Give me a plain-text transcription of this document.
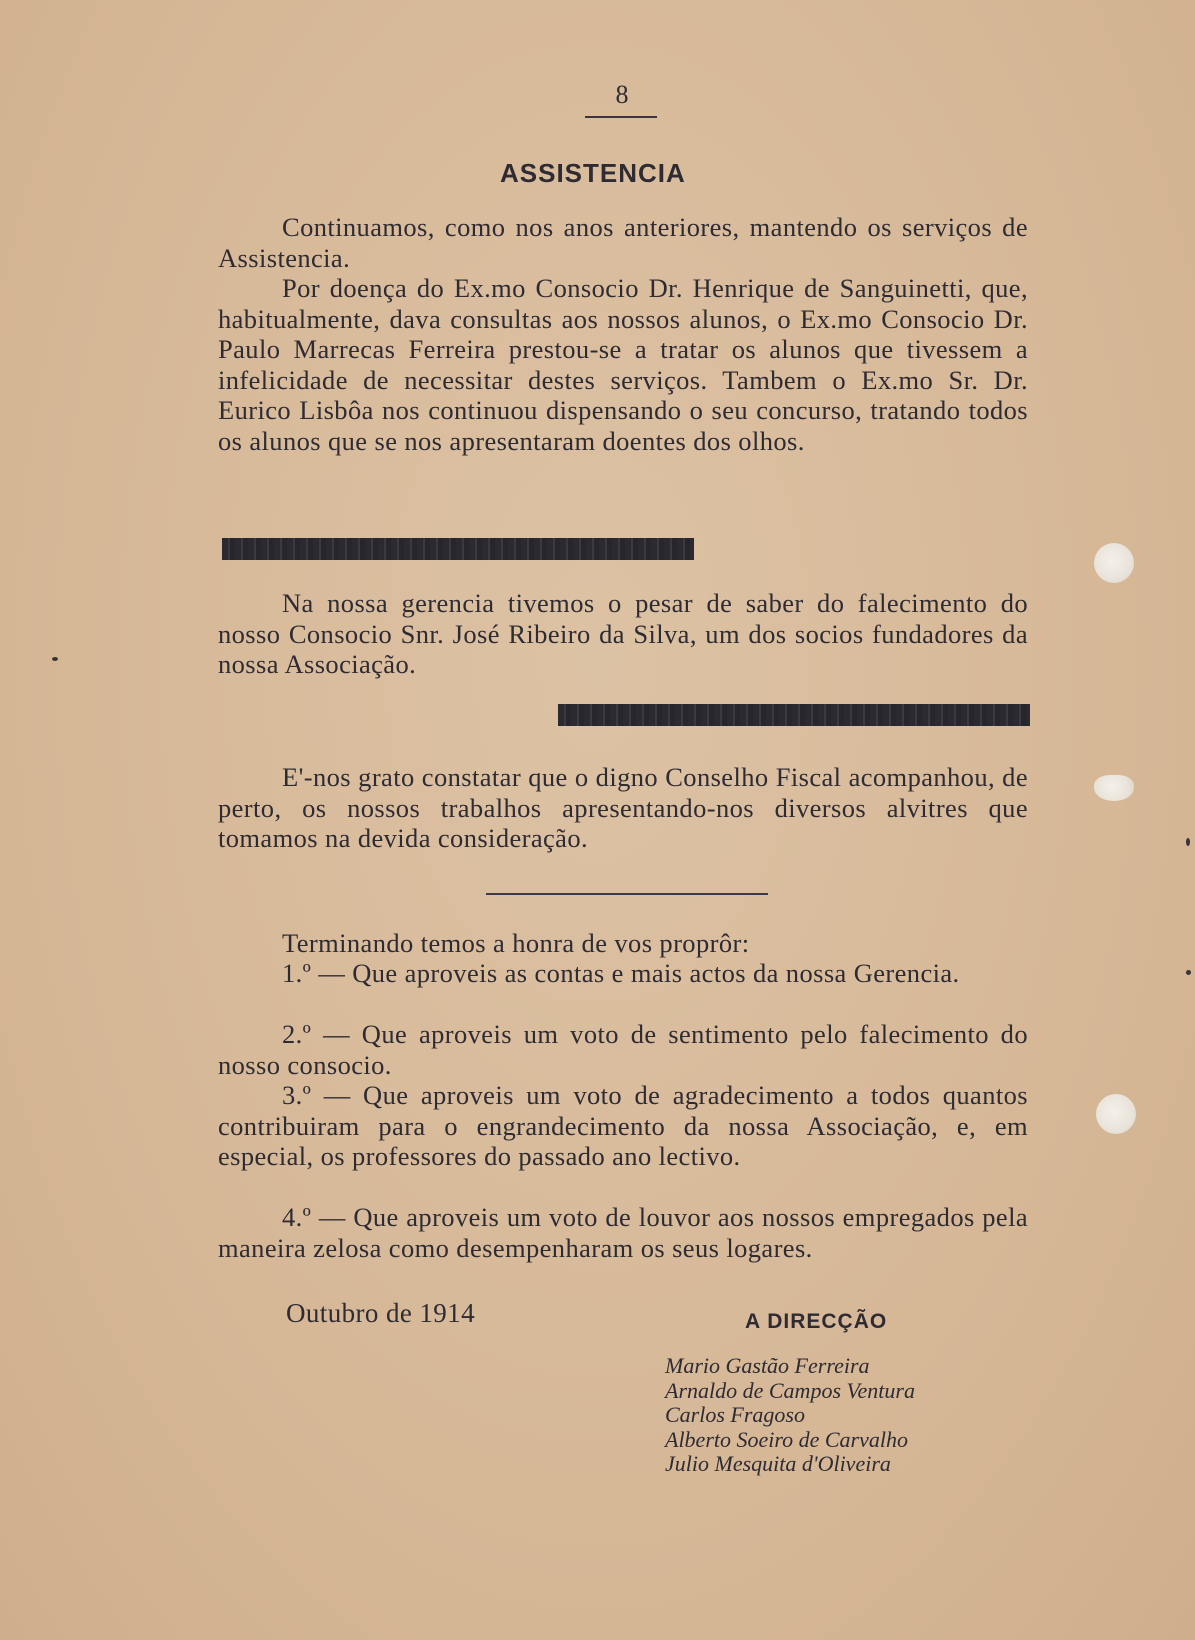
8
ASSISTENCIA

Continuamos, como nos anos anteriores, mantendo os serviços de Assistencia.

Por doença do Ex.mo Consocio Dr. Henrique de Sanguinetti, que, habitualmente, dava consultas aos nossos alunos, o Ex.mo Consocio Dr. Paulo Marrecas Ferreira prestou-se a tratar os alunos que tivessem a infelicidade de necessitar destes serviços. Tambem o Ex.mo Sr. Dr. Eurico Lisbôa nos continuou dispensando o seu concurso, tratando todos os alunos que se nos apresentaram doentes dos olhos.

Na nossa gerencia tivemos o pesar de saber do falecimento do nosso Consocio Snr. José Ribeiro da Silva, um dos socios fundadores da nossa Associação.

E'-nos grato constatar que o digno Conselho Fiscal acompanhou, de perto, os nossos trabalhos apresentando-nos diversos alvitres que tomamos na devida consideração.

Terminando temos a honra de vos proprôr:

1.º — Que aproveis as contas e mais actos da nossa Gerencia.

2.º — Que aproveis um voto de sentimento pelo falecimento do nosso consocio.

3.º — Que aproveis um voto de agradecimento a todos quantos contribuiram para o engrandecimento da nossa Associação, e, em especial, os professores do passado ano lectivo.

4.º — Que aproveis um voto de louvor aos nossos empregados pela maneira zelosa como desempenharam os seus logares.

Outubro de 1914	A DIRECÇÃO
Mario Gastão Ferreira
Arnaldo de Campos Ventura
Carlos Fragoso
Alberto Soeiro de Carvalho
Julio Mesquita d'Oliveira
